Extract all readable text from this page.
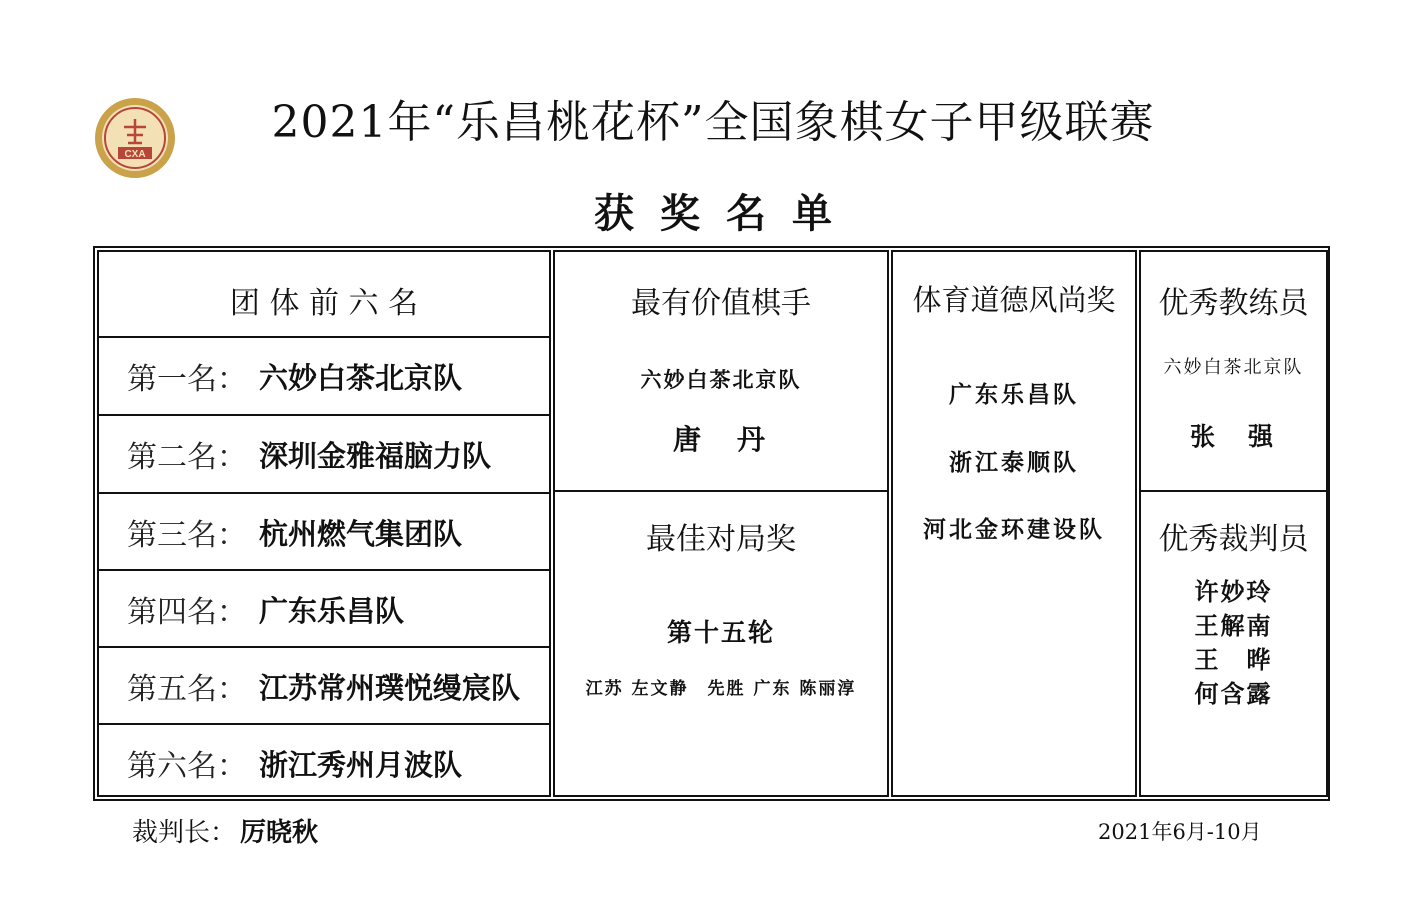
CXA
2021年“乐昌桃花杯”全国象棋女子甲级联赛
获奖名单
团 体 前 六 名
第一名： 六妙白茶北京队
第二名： 深圳金雅福脑力队
第三名： 杭州燃气集团队
第四名： 广东乐昌队
第五名： 江苏常州璞悦缦宸队
第六名： 浙江秀州月波队
最有价值棋手
六妙白茶北京队
唐　丹
最佳对局奖
第十五轮
江苏 左文静　先胜 广东 陈丽淳
体育道德风尚奖
广东乐昌队
浙江泰顺队
河北金环建设队
优秀教练员
六妙白茶北京队
张　强
优秀裁判员
许妙玲
王解南
王　晔
何含露
裁判长： 厉晓秋	2021年6月-10月
